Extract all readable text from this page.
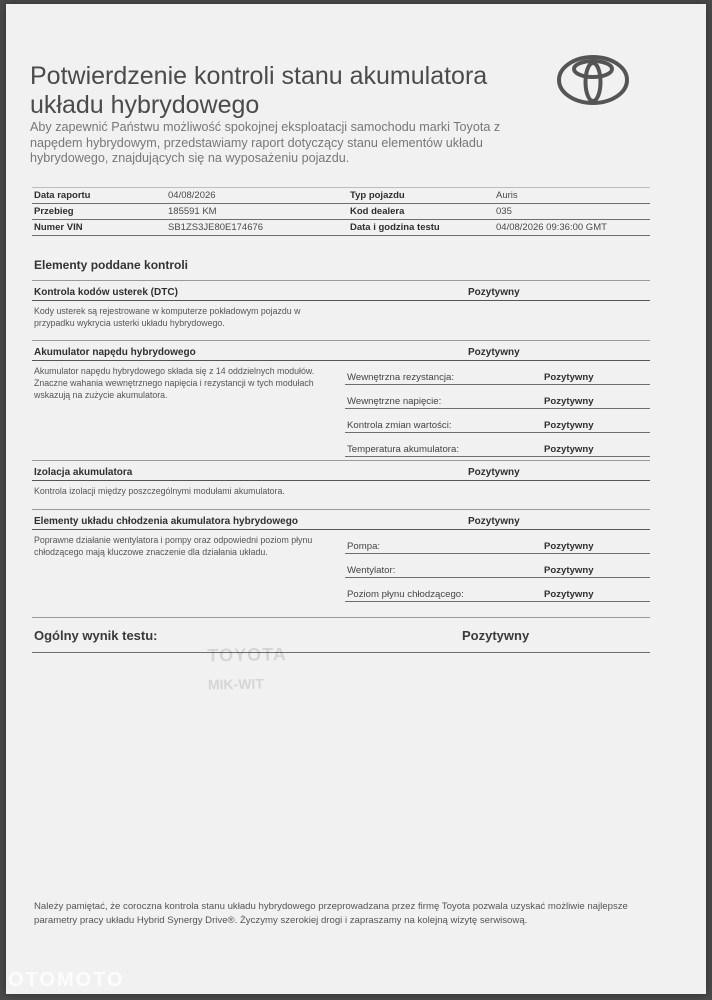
Potwierdzenie kontroli stanu akumulatora układu hybrydowego
Aby zapewnić Państwu możliwość spokojnej eksploatacji samochodu marki Toyota z napędem hybrydowym, przedstawiamy raport dotyczący stanu elementów układu hybrydowego, znajdujących się na wyposażeniu pojazdu.
Data raportu	04/08/2026	Typ pojazdu	Auris
Przebieg	185591 KM	Kod dealera	035
Numer VIN	SB1ZS3JE80E174676	Data i godzina testu	04/08/2026 09:36:00 GMT
Elementy poddane kontroli
Kontrola kodów usterek (DTC)	Pozytywny
Kody usterek są rejestrowane w komputerze pokładowym pojazdu w przypadku wykrycia usterki układu hybrydowego.
Akumulator napędu hybrydowego	Pozytywny
Akumulator napędu hybrydowego składa się z 14 oddzielnych modułów. Znaczne wahania wewnętrznego napięcia i rezystancji w tych modułach wskazują na zużycie akumulatora.
Wewnętrzna rezystancja:	Pozytywny
Wewnętrzne napięcie:	Pozytywny
Kontrola zmian wartości:	Pozytywny
Temperatura akumulatora:	Pozytywny
Izolacja akumulatora	Pozytywny
Kontrola izolacji między poszczególnymi modułami akumulatora.
Elementy układu chłodzenia akumulatora hybrydowego	Pozytywny
Poprawne działanie wentylatora i pompy oraz odpowiedni poziom płynu chłodzącego mają kluczowe znaczenie dla działania układu.	Pompa:	Pozytywny
Wentylator:	Pozytywny
Poziom płynu chłodzącego:	Pozytywny
Ogólny wynik testu:	Pozytywny
TOYOTA
MIK-WIT
Należy pamiętać, że coroczna kontrola stanu układu hybrydowego przeprowadzana przez firmę Toyota pozwala uzyskać możliwie najlepsze parametry pracy układu Hybrid Synergy Drive®. Życzymy szerokiej drogi i zapraszamy na kolejną wizytę serwisową.
OTOMOTO
